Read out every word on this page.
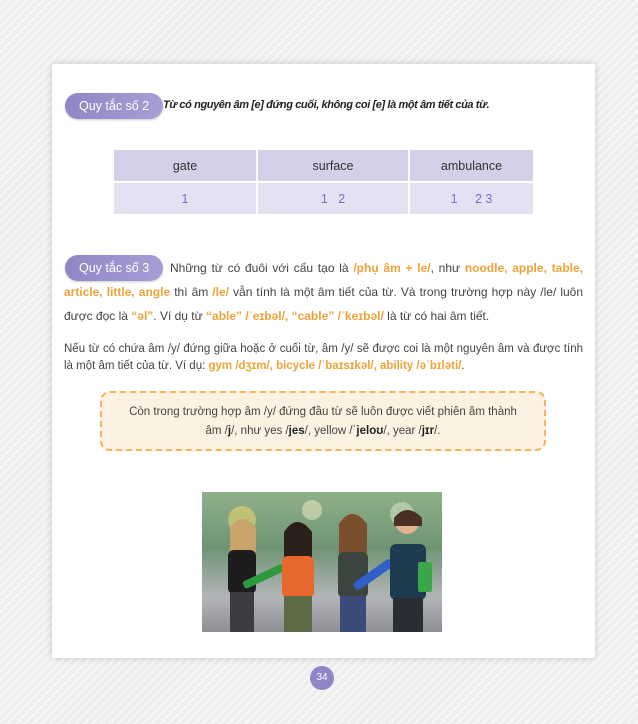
Quy tắc số 2	Từ có nguyên âm [e] đứng cuối, không coi [e] là một âm tiết của từ.
gate	surface	ambulance
1	1   2	1     2 3
Quy tắc số 3	Những từ có đuôi với cấu tạo là /phụ âm + le/, như noodle, apple, table, article, little, angle thì âm /le/ vẫn tính là một âm tiết của từ. Và trong trường hợp này /le/ luôn được đọc là “əl”. Ví dụ từ “able” /ˈeɪbəl/, “cable” /ˈkeɪbəl/ là từ có hai âm tiết.
Nếu từ có chứa âm /y/ đứng giữa hoặc ở cuối từ, âm /y/ sẽ được coi là một nguyên âm và được tính là một âm tiết của từ. Ví dụ: gym /dʒɪm/, bicycle /ˈbaɪsɪkəl/, ability /əˈbɪləti/.
Còn trong trường hợp âm /y/ đứng đầu từ sẽ luôn được viết phiên âm thành
âm /j/, như yes /jes/, yellow /ˈjeloʊ/, year /jɪr/.
34
